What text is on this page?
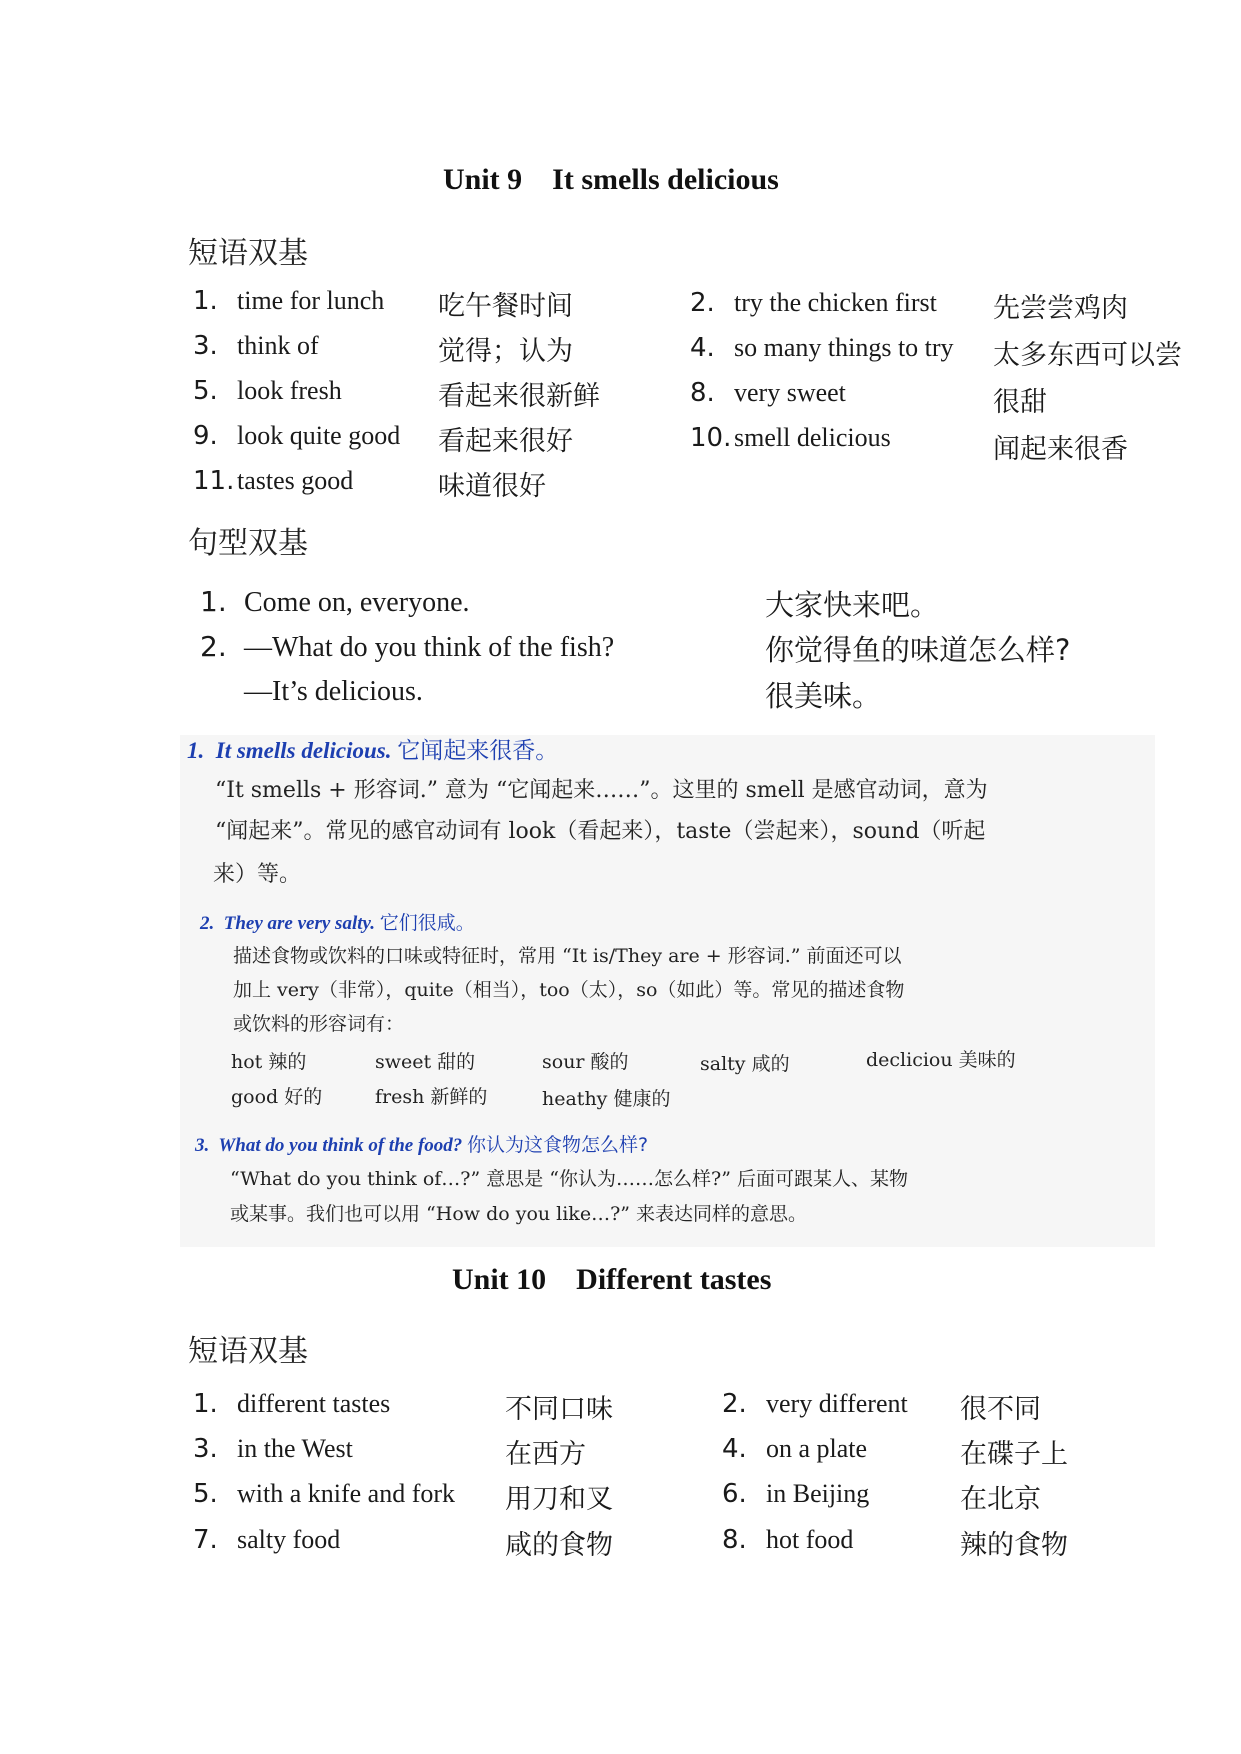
Unit 9    It smells delicious
短语双基
1. time for lunch 吃午餐时间
3. think of	觉得；认为
5. look fresh	看起来很新鲜
9. look quite good 看起来很好
11. tastes good	味道很好
2. try the chicken first 先尝尝鸡肉
4. so many things to try 太多东西可以尝
8. very sweet	很甜
10. smell delicious	闻起来很香
句型双基
1. Come on, everyone.	大家快来吧。
2. —What do you think of the fish?	你觉得鱼的味道怎么样?
—It’s delicious.	很美味。
1.  It smells delicious. 它闻起来很香。
“It smells + 形容词.” 意为 “它闻起来……”。这里的 smell 是感官动词，意为
“闻起来”。常见的感官动词有 look（看起来），taste（尝起来），sound（听起
来）等。
2.  They are very salty. 它们很咸。
描述食物或饮料的口味或特征时，常用 “It is/They are + 形容词.” 前面还可以
加上 very（非常），quite（相当），too（太），so（如此）等。常见的描述食物
或饮料的形容词有：
hot 辣的	sweet 甜的	sour 酸的	salty 咸的	decliciou 美味的
good 好的	fresh 新鲜的	heathy 健康的
3.  What do you think of the food? 你认为这食物怎么样?
“What do you think of…?” 意思是 “你认为……怎么样?” 后面可跟某人、某物
或某事。我们也可以用 “How do you like…?” 来表达同样的意思。
Unit 10    Different tastes
短语双基
1. different tastes	不同口味
3. in the West	在西方
5. with a knife and fork 用刀和叉
7. salty food	咸的食物
2. very different 很不同
4. on a plate	在碟子上
6. in Beijing	在北京
8. hot food	辣的食物
